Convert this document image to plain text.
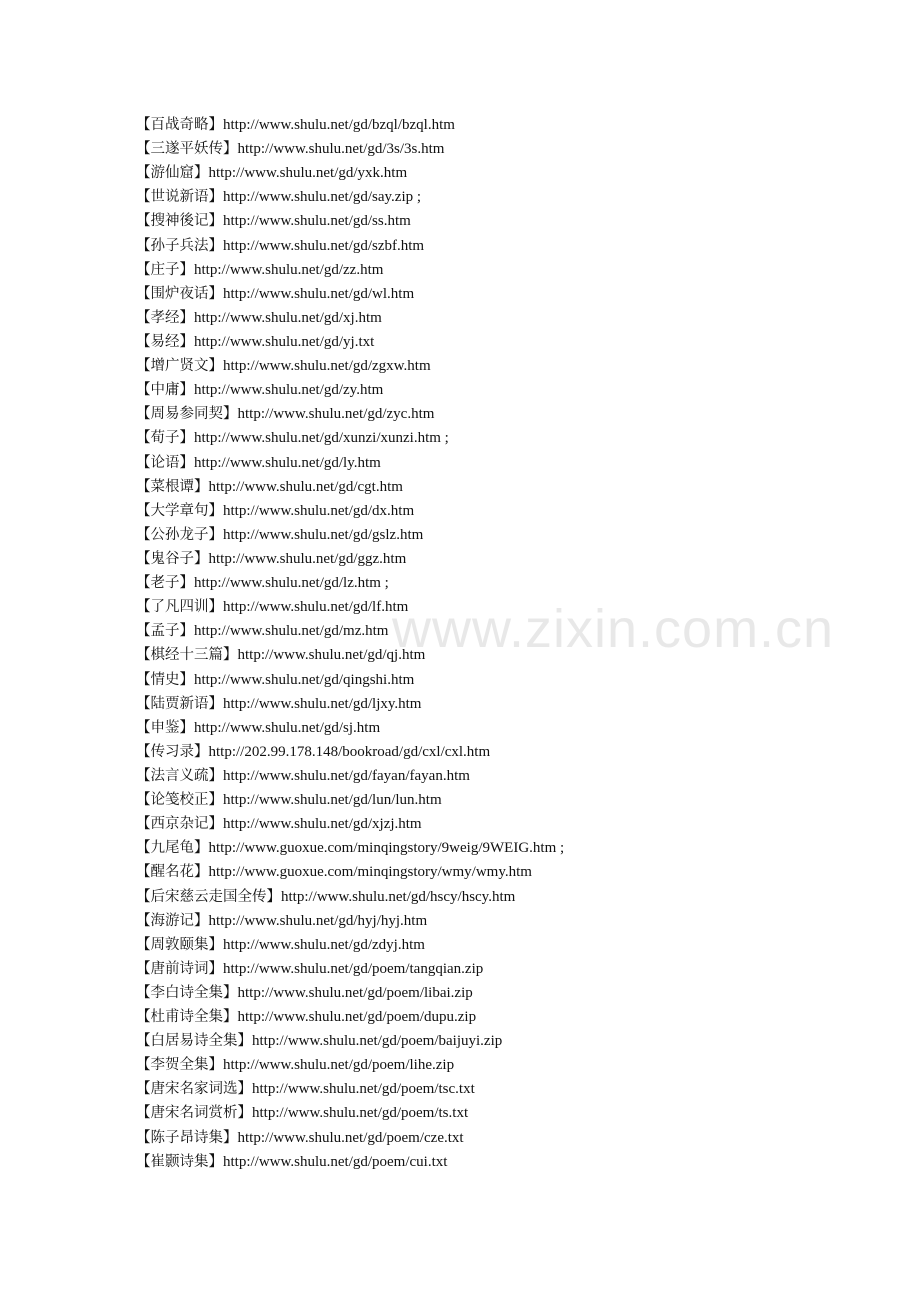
www.zixin.com.cn
【百战奇略】http://www.shulu.net/gd/bzql/bzql.htm
【三遂平妖传】http://www.shulu.net/gd/3s/3s.htm
【游仙窟】http://www.shulu.net/gd/yxk.htm
【世说新语】http://www.shulu.net/gd/say.zip ;
【搜神後记】http://www.shulu.net/gd/ss.htm
【孙子兵法】http://www.shulu.net/gd/szbf.htm
【庄子】http://www.shulu.net/gd/zz.htm
【围炉夜话】http://www.shulu.net/gd/wl.htm
【孝经】http://www.shulu.net/gd/xj.htm
【易经】http://www.shulu.net/gd/yj.txt
【增广贤文】http://www.shulu.net/gd/zgxw.htm
【中庸】http://www.shulu.net/gd/zy.htm
【周易参同契】http://www.shulu.net/gd/zyc.htm
【荀子】http://www.shulu.net/gd/xunzi/xunzi.htm ;
【论语】http://www.shulu.net/gd/ly.htm
【菜根谭】http://www.shulu.net/gd/cgt.htm
【大学章句】http://www.shulu.net/gd/dx.htm
【公孙龙子】http://www.shulu.net/gd/gslz.htm
【鬼谷子】http://www.shulu.net/gd/ggz.htm
【老子】http://www.shulu.net/gd/lz.htm ;
【了凡四训】http://www.shulu.net/gd/lf.htm
【孟子】http://www.shulu.net/gd/mz.htm
【棋经十三篇】http://www.shulu.net/gd/qj.htm
【情史】http://www.shulu.net/gd/qingshi.htm
【陆贾新语】http://www.shulu.net/gd/ljxy.htm
【申鉴】http://www.shulu.net/gd/sj.htm
【传习录】http://202.99.178.148/bookroad/gd/cxl/cxl.htm
【法言义疏】http://www.shulu.net/gd/fayan/fayan.htm
【论笺校正】http://www.shulu.net/gd/lun/lun.htm
【西京杂记】http://www.shulu.net/gd/xjzj.htm
【九尾龟】http://www.guoxue.com/minqingstory/9weig/9WEIG.htm ;
【醒名花】http://www.guoxue.com/minqingstory/wmy/wmy.htm
【后宋慈云走国全传】http://www.shulu.net/gd/hscy/hscy.htm
【海游记】http://www.shulu.net/gd/hyj/hyj.htm
【周敦颐集】http://www.shulu.net/gd/zdyj.htm
【唐前诗词】http://www.shulu.net/gd/poem/tangqian.zip
【李白诗全集】http://www.shulu.net/gd/poem/libai.zip
【杜甫诗全集】http://www.shulu.net/gd/poem/dupu.zip
【白居易诗全集】http://www.shulu.net/gd/poem/baijuyi.zip
【李贺全集】http://www.shulu.net/gd/poem/lihe.zip
【唐宋名家词选】http://www.shulu.net/gd/poem/tsc.txt
【唐宋名词赏析】http://www.shulu.net/gd/poem/ts.txt
【陈子昂诗集】http://www.shulu.net/gd/poem/cze.txt
【崔颢诗集】http://www.shulu.net/gd/poem/cui.txt
